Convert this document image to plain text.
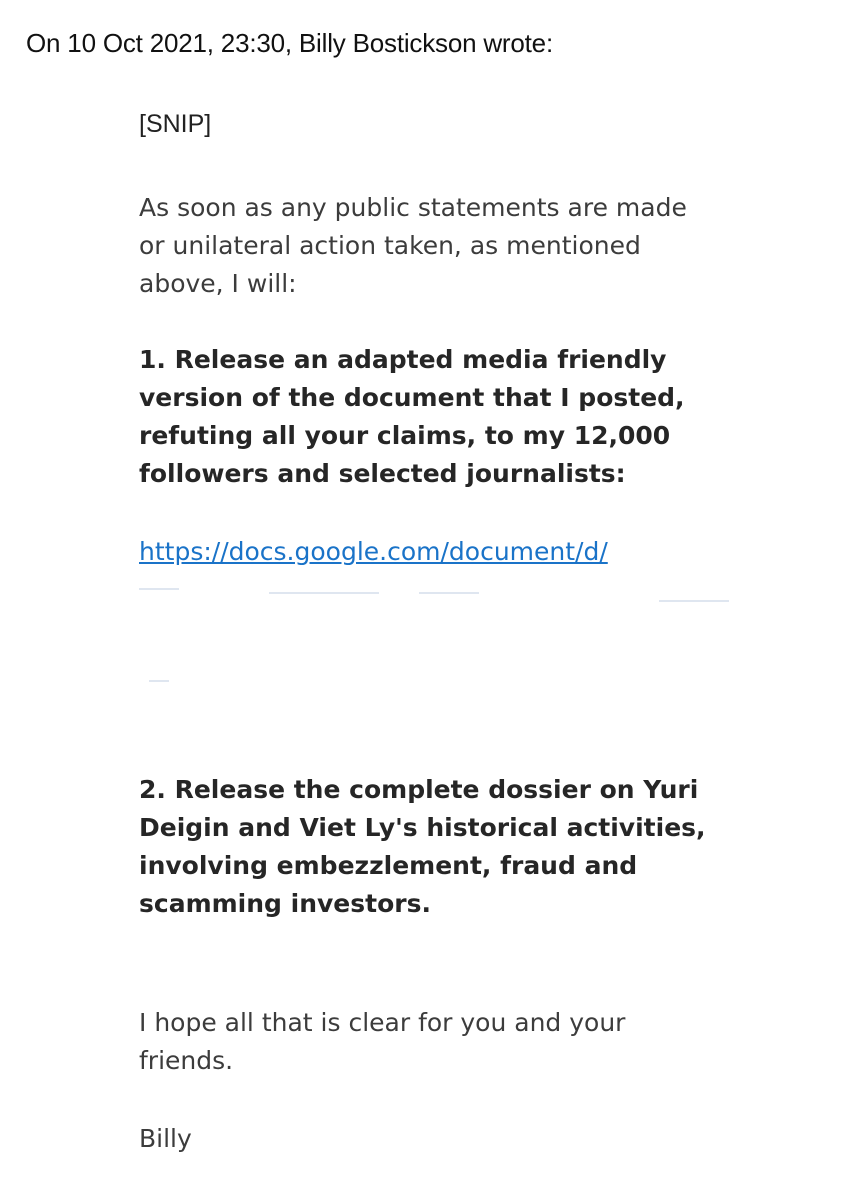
On 10 Oct 2021, 23:30, Billy Bostickson wrote:
[SNIP]

As soon as any public statements are made
or unilateral action taken, as mentioned
above, I will:

1. Release an adapted media friendly
version of the document that I posted,
refuting all your claims, to my 12,000
followers and selected journalists:

https://docs.google.com/document/d/

2. Release the complete dossier on Yuri
Deigin and Viet Ly's historical activities,
involving embezzlement, fraud and
scamming investors.

I hope all that is clear for you and your
friends.

Billy
